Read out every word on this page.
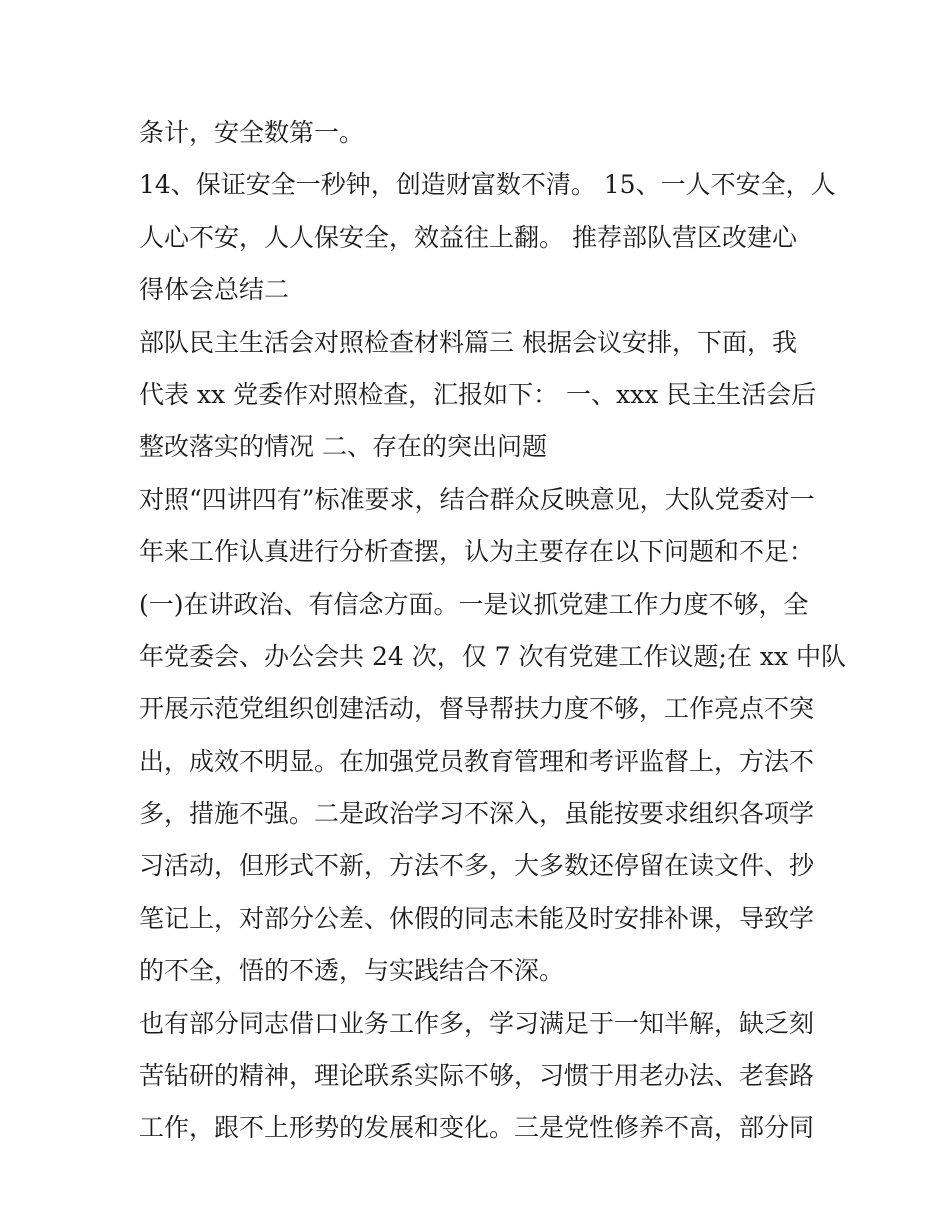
条计，安全数第一。
14、保证安全一秒钟，创造财富数不清。 15、一人不安全，人
人心不安，人人保安全，效益往上翻。 推荐部队营区改建心
得体会总结二
部队民主生活会对照检查材料篇三 根据会议安排，下面，我
代表 xx 党委作对照检查，汇报如下： 一、xxx 民主生活会后
整改落实的情况 二、存在的突出问题
对照“四讲四有”标准要求，结合群众反映意见，大队党委对一
年来工作认真进行分析查摆，认为主要存在以下问题和不足：
(一)在讲政治、有信念方面。一是议抓党建工作力度不够，全
年党委会、办公会共 24 次，仅 7 次有党建工作议题;在 xx 中队
开展示范党组织创建活动，督导帮扶力度不够，工作亮点不突
出，成效不明显。在加强党员教育管理和考评监督上，方法不
多，措施不强。二是政治学习不深入，虽能按要求组织各项学
习活动，但形式不新，方法不多，大多数还停留在读文件、抄
笔记上，对部分公差、休假的同志未能及时安排补课，导致学
的不全，悟的不透，与实践结合不深。
也有部分同志借口业务工作多，学习满足于一知半解，缺乏刻
苦钻研的精神，理论联系实际不够，习惯于用老办法、老套路
工作，跟不上形势的发展和变化。三是党性修养不高，部分同
